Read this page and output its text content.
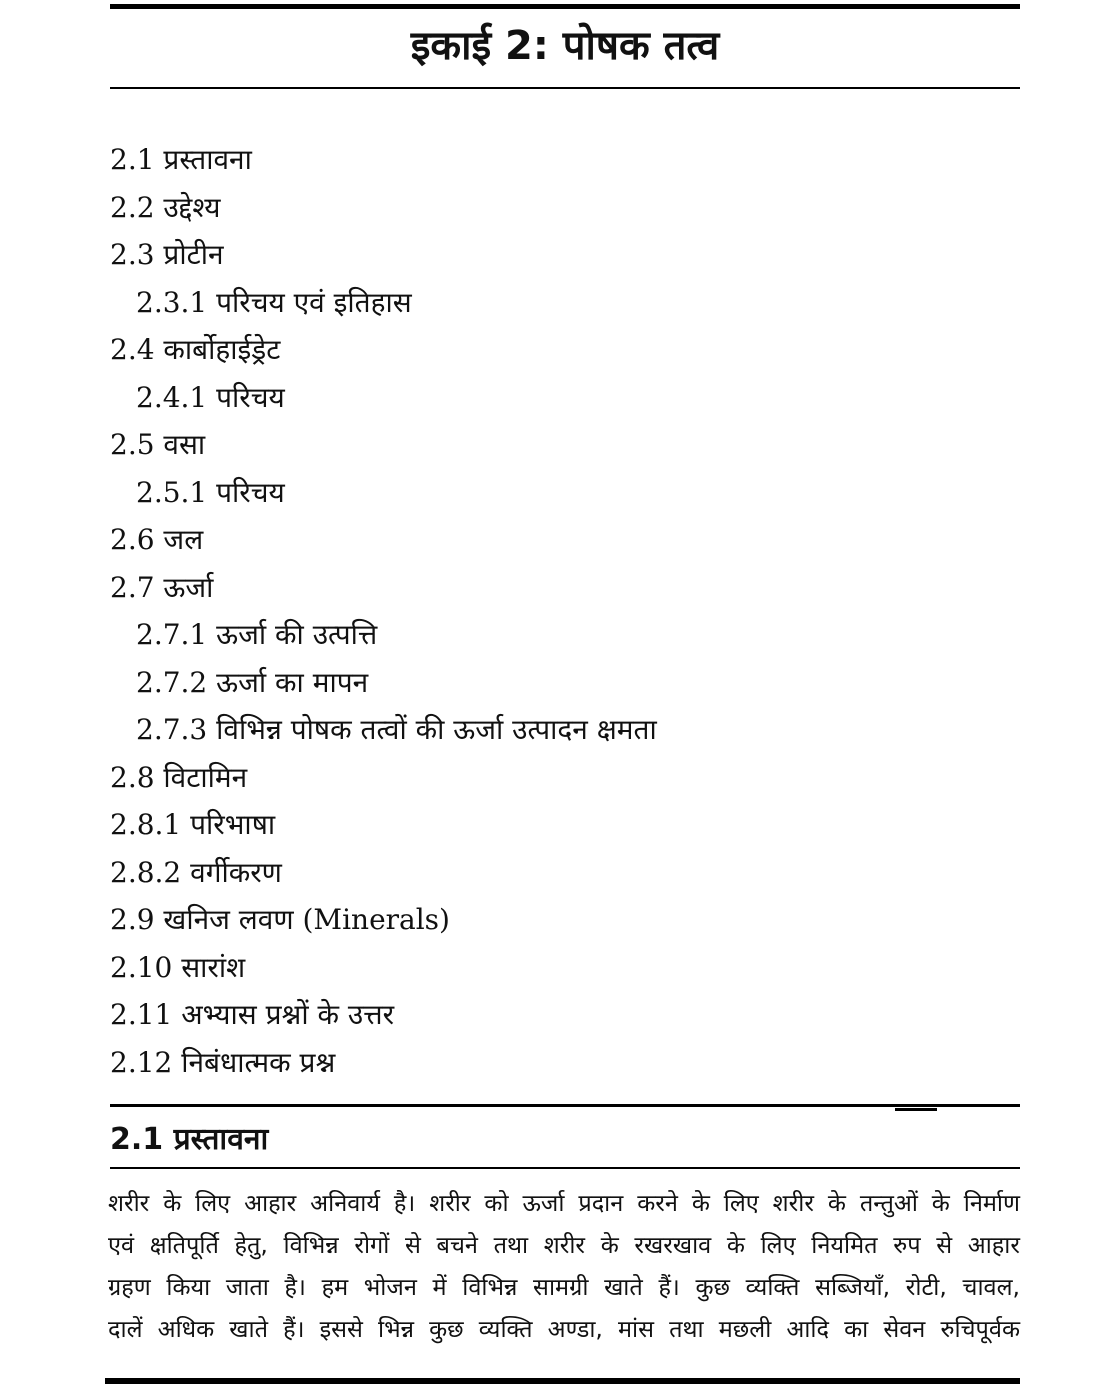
इकाई 2: पोषक तत्व
2.1 प्रस्तावना
2.2 उद्देश्य
2.3 प्रोटीन
2.3.1 परिचय एवं इतिहास
2.4 कार्बोहाईड्रेट
2.4.1 परिचय
2.5 वसा
2.5.1 परिचय
2.6 जल
2.7 ऊर्जा
2.7.1 ऊर्जा की उत्पत्ति
2.7.2 ऊर्जा का मापन
2.7.3 विभिन्न पोषक तत्वों की ऊर्जा उत्पादन क्षमता
2.8 विटामिन
2.8.1 परिभाषा
2.8.2 वर्गीकरण
2.9 खनिज लवण (Minerals)
2.10 सारांश
2.11 अभ्यास प्रश्नों के उत्तर
2.12 निबंधात्मक प्रश्न
2.1 प्रस्तावना

शरीर के लिए आहार अनिवार्य है। शरीर को ऊर्जा प्रदान करने के लिए शरीर के तन्तुओं के निर्माण
एवं क्षतिपूर्ति हेतु, विभिन्न रोगों से बचने तथा शरीर के रखरखाव के लिए नियमित रुप से आहार
ग्रहण किया जाता है। हम भोजन में विभिन्न सामग्री खाते हैं। कुछ व्यक्ति सब्जियाँ, रोटी, चावल,
दालें अधिक खाते हैं। इससे भिन्न कुछ व्यक्ति अण्डा, मांस तथा मछली आदि का सेवन रुचिपूर्वक
